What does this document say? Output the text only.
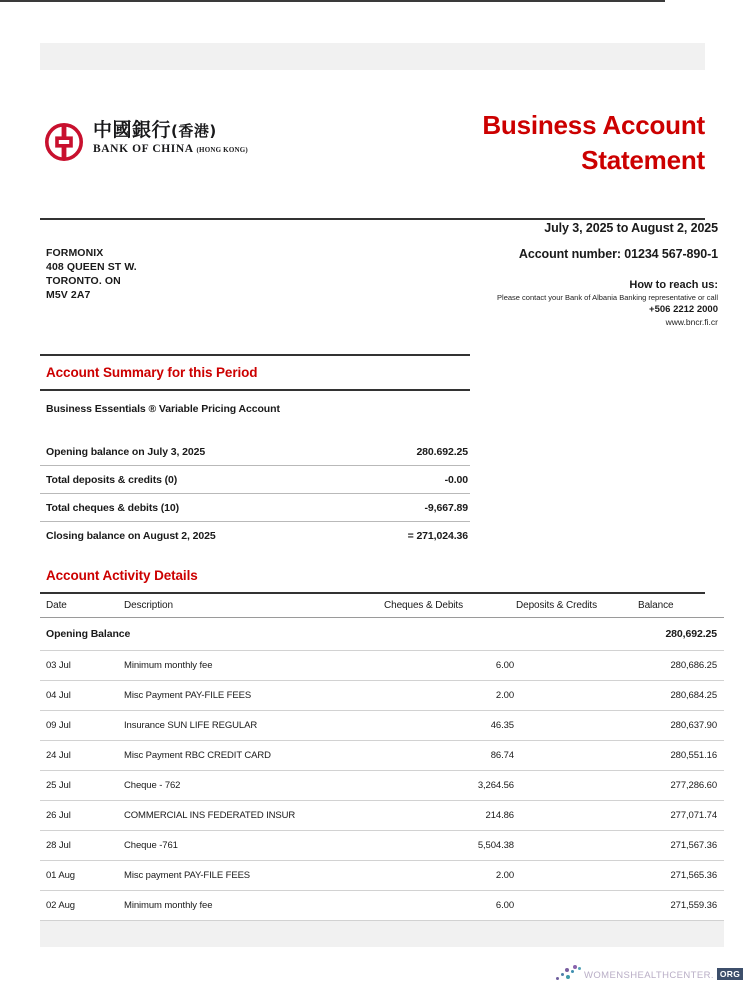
中國銀行(香港)
BANK OF CHINA (HONG KONG)
Business Account
Statement
FORMONIX
408 QUEEN ST W.
TORONTO. ON
M5V 2A7
July 3, 2025 to August 2, 2025
Account number: 01234 567-890-1
How to reach us:
Please contact your Bank of Albania Banking representative or call
+506 2212 2000
www.bncr.fi.cr
Account Summary for this Period
Business Essentials ® Variable Pricing Account
Opening balance on July 3, 2025	280.692.25
Total deposits & credits (0)	-0.00
Total cheques & debits (10)	-9,667.89
Closing balance on August 2, 2025	= 271,024.36
Account Activity Details
Date	Description	Cheques & Debits	Deposits & Credits	Balance
Opening Balance				280,692.25
03 Jul	Minimum monthly fee	6.00		280,686.25
04 Jul	Misc Payment PAY-FILE FEES	2.00		280,684.25
09 Jul	Insurance SUN LIFE REGULAR	46.35		280,637.90
24 Jul	Misc Payment RBC CREDIT CARD	86.74		280,551.16
25 Jul	Cheque - 762	3,264.56		277,286.60
26 Jul	COMMERCIAL INS FEDERATED INSUR	214.86		277,071.74
28 Jul	Cheque -761	5,504.38		271,567.36
01 Aug	Misc payment PAY-FILE FEES	2.00		271,565.36
02 Aug	Minimum monthly fee	6.00		271,559.36

WOMENSHEALTHCENTER. ORG
